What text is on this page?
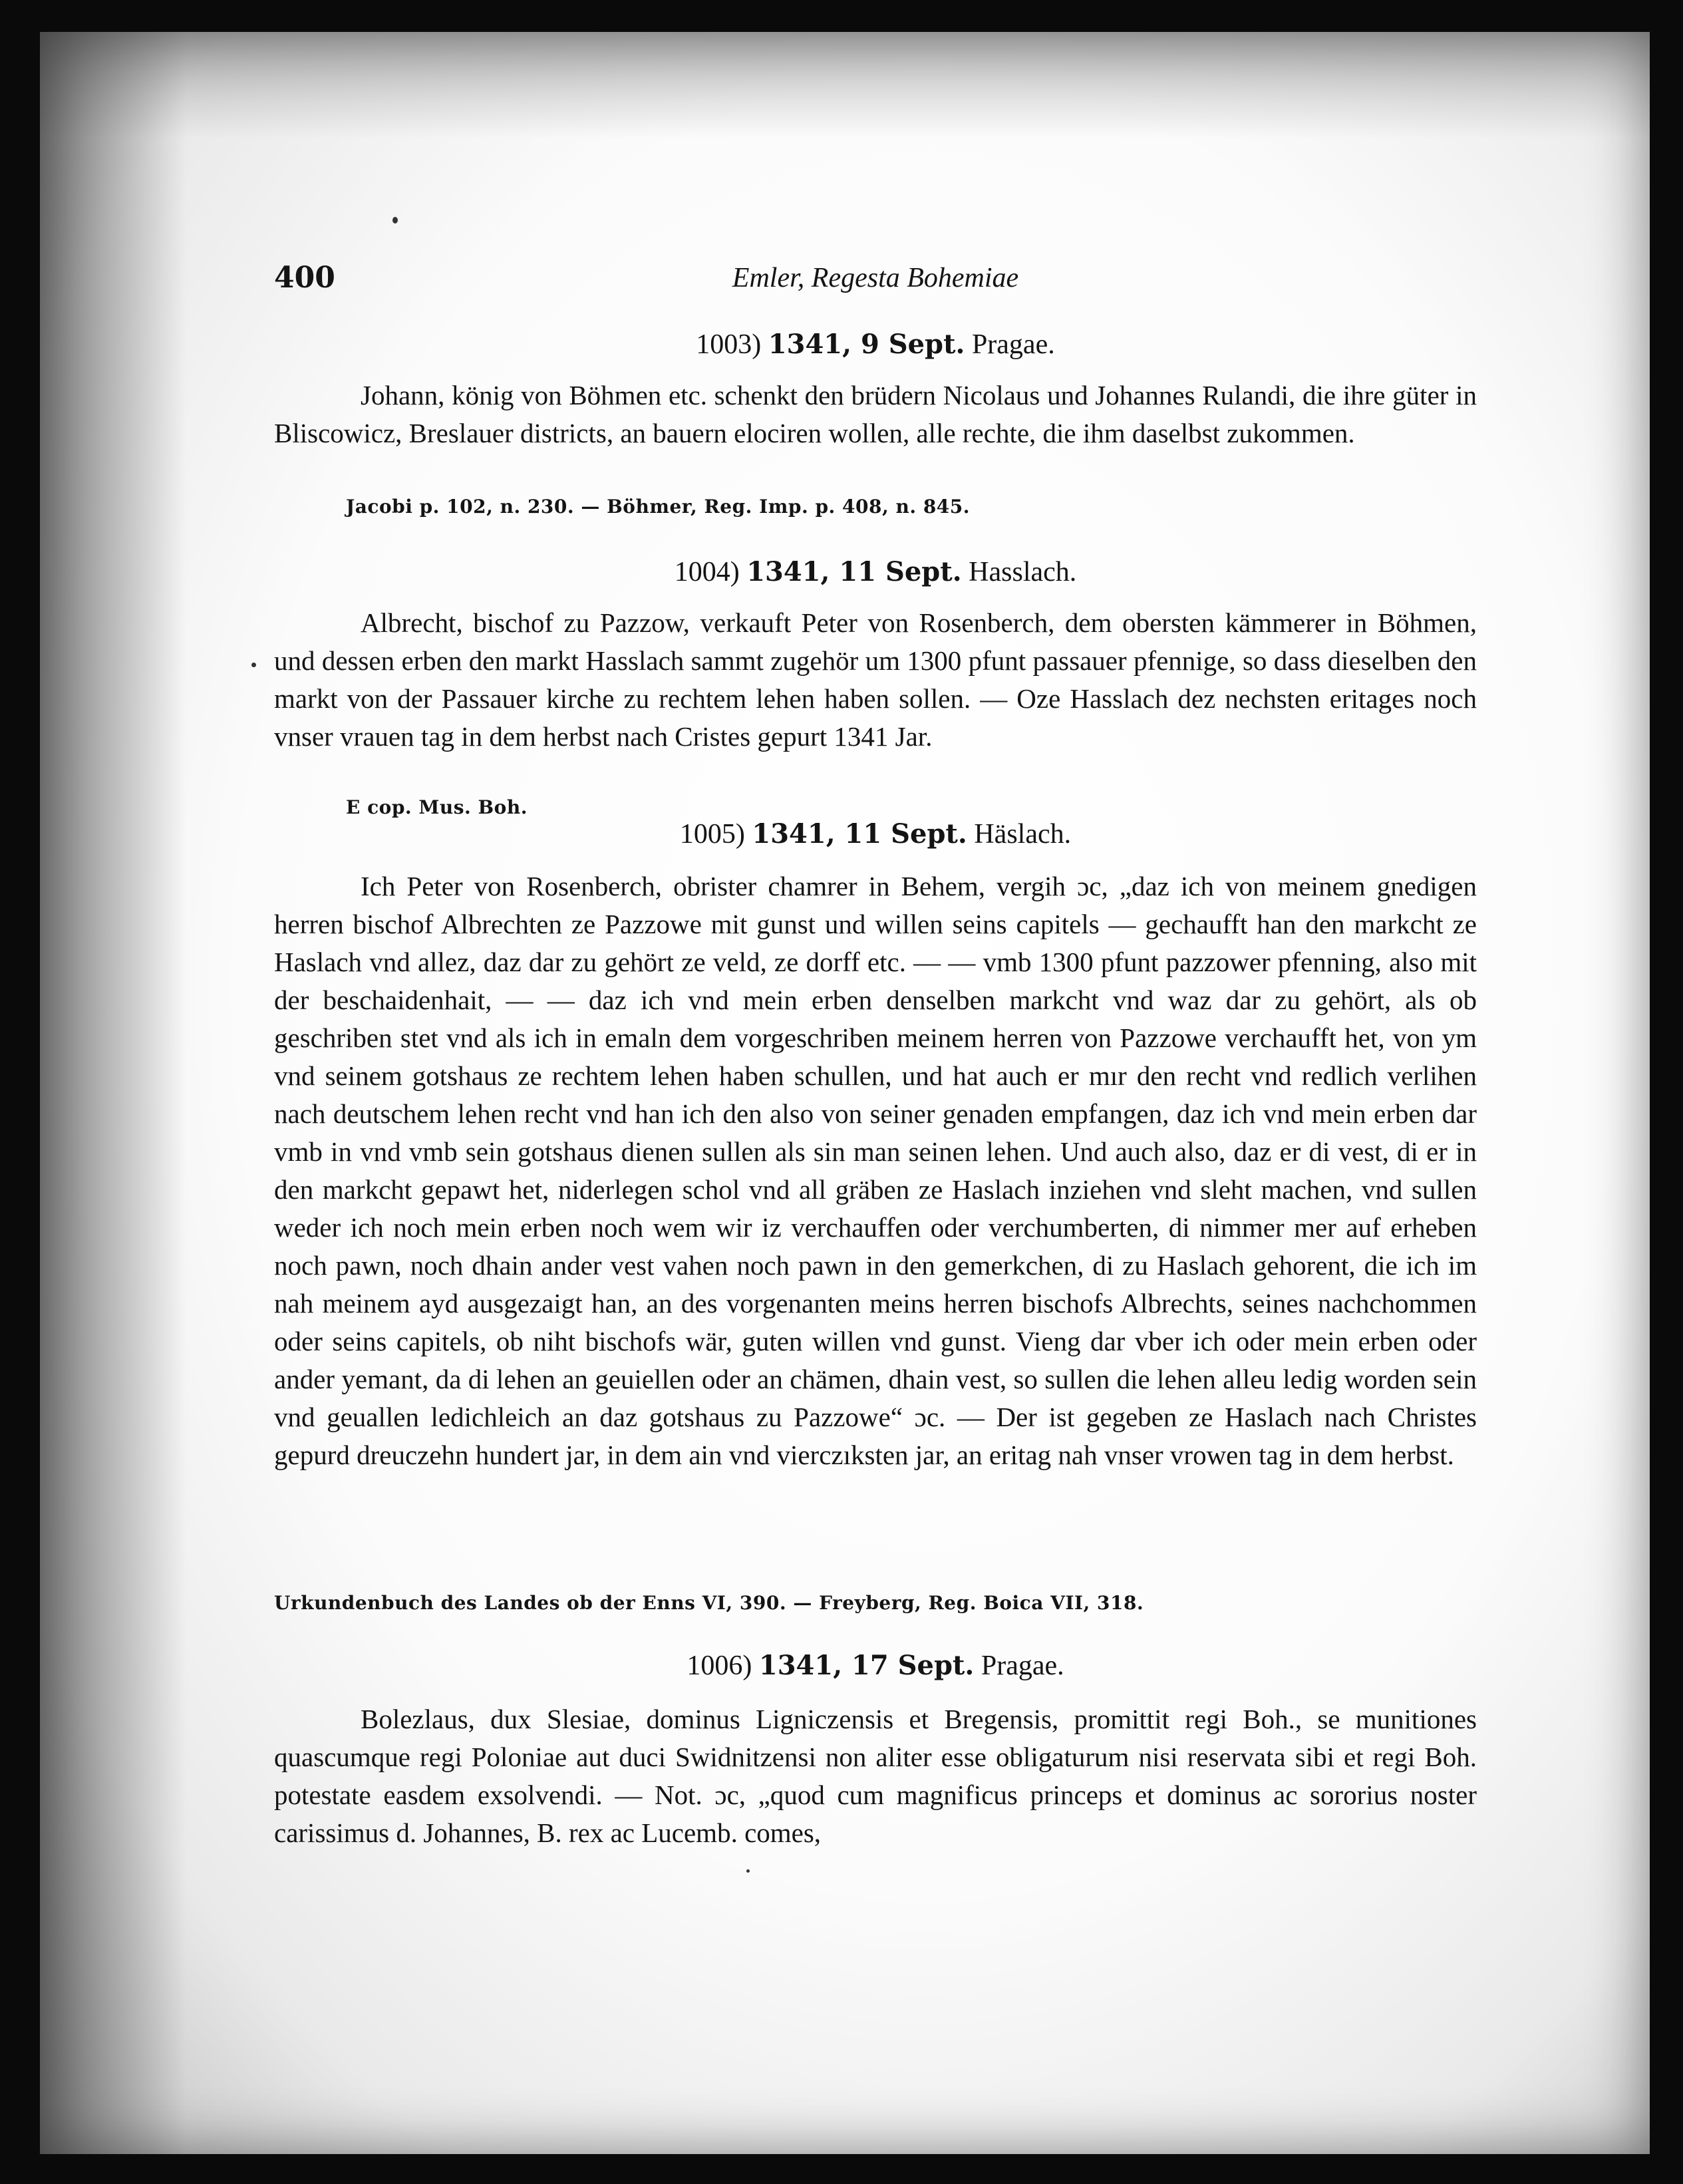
400	Emler, Regesta Bohemiae
1003) 1341, 9 Sept. Pragae.

Johann, könig von Böhmen etc. schenkt den brüdern Nicolaus und Johannes Rulandi, die ihre güter in Bliscowicz, Breslauer districts, an bauern elociren wollen, alle rechte, die ihm daselbst zukommen.

Jacobi p. 102, n. 230. — Böhmer, Reg. Imp. p. 408, n. 845.
1004) 1341, 11 Sept. Hasslach.

Albrecht, bischof zu Pazzow, verkauft Peter von Rosenberch, dem obersten kämmerer in Böhmen, und dessen erben den markt Hasslach sammt zugehör um 1300 pfunt passauer pfennige, so dass dieselben den markt von der Passauer kirche zu rechtem lehen haben sollen. — Oze Hasslach dez nechsten eritages noch vnser vrauen tag in dem herbst nach Cristes gepurt 1341 Jar.

E cop. Mus. Boh.
1005) 1341, 11 Sept. Häslach.

Ich Peter von Rosenberch, obrister chamrer in Behem, vergih ɔc, „daz ich von meinem gnedigen herren bischof Albrechten ze Pazzowe mit gunst und willen seins capitels — gechaufft han den markcht ze Haslach vnd allez, daz dar zu gehört ze veld, ze dorff etc. — — vmb 1300 pfunt pazzower pfenning, also mit der beschaidenhait, — — daz ich vnd mein erben denselben markcht vnd waz dar zu gehört, als ob geschriben stet vnd als ich in emaln dem vorgeschriben meinem herren von Pazzowe verchaufft het, von ym vnd seinem gotshaus ze rechtem lehen haben schullen, und hat auch er mır den recht vnd redlich verlihen nach deutschem lehen recht vnd han ich den also von seiner genaden empfangen, daz ich vnd mein erben dar vmb in vnd vmb sein gotshaus dienen sullen als sin man seinen lehen. Und auch also, daz er di vest, di er in den markcht gepawt het, niderlegen schol vnd all gräben ze Haslach inziehen vnd sleht machen, vnd sullen weder ich noch mein erben noch wem wir iz verchauffen oder verchumberten, di nimmer mer auf erheben noch pawn, noch dhain ander vest vahen noch pawn in den gemerkchen, di zu Haslach gehorent, die ich im nah meinem ayd ausgezaigt han, an des vorgenanten meins herren bischofs Albrechts, seines nachchommen oder seins capitels, ob niht bischofs wär, guten willen vnd gunst. Vieng dar vber ich oder mein erben oder ander yemant, da di lehen an geuiellen oder an chämen, dhain vest, so sullen die lehen alleu ledig worden sein vnd geuallen ledichleich an daz gotshaus zu Pazzowe“ ɔc. — Der ist gegeben ze Haslach nach Christes gepurd dreuczehn hundert jar, in dem ain vnd vierczıksten jar, an eritag nah vnser vrowen tag in dem herbst.

Urkundenbuch des Landes ob der Enns VI, 390. — Freyberg, Reg. Boica VII, 318.
1006) 1341, 17 Sept. Pragae.

Bolezlaus, dux Slesiae, dominus Ligniczensis et Bregensis, promittit regi Boh., se munitiones quascumque regi Poloniae aut duci Swidnitzensi non aliter esse obligaturum nisi reservata sibi et regi Boh. potestate easdem exsolvendi. — Not. ɔc, „quod cum magnificus princeps et dominus ac sororius noster carissimus d. Johannes, B. rex ac Lucemb. comes,
